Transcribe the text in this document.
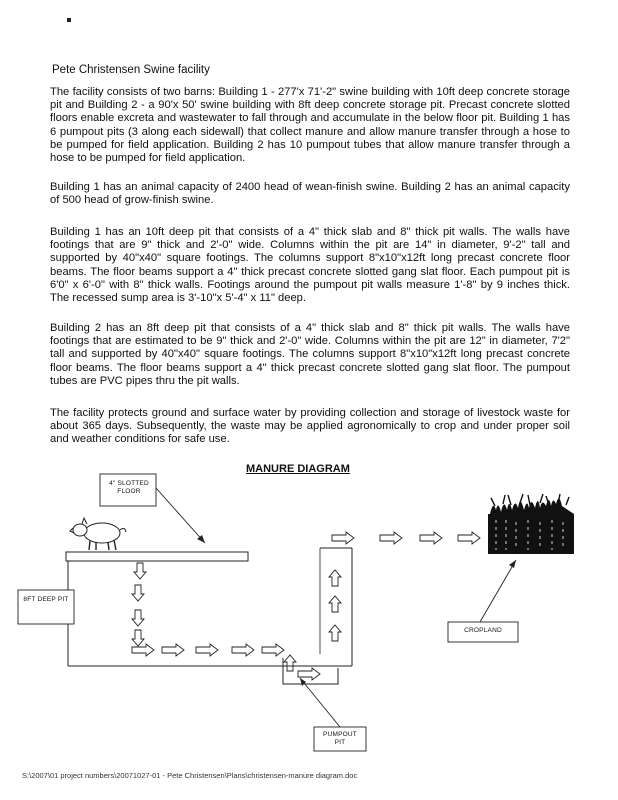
Pete Christensen Swine facility

The facility consists of two barns: Building 1 - 277'x 71'-2" swine building with 10ft deep concrete storage pit and Building 2 - a 90'x 50' swine building with 8ft deep concrete storage pit. Precast concrete slotted floors enable excreta and wastewater to fall through and accumulate in the below floor pit. Building 1 has 6 pumpout pits (3 along each sidewall) that collect manure and allow manure transfer through a hose to be pumped for field application. Building 2 has 10 pumpout tubes that allow manure transfer through a hose to be pumped for field application.

Building 1 has an animal capacity of 2400 head of wean-finish swine. Building 2 has an animal capacity of 500 head of grow-finish swine.

Building 1 has an 10ft deep pit that consists of a 4" thick slab and 8" thick pit walls. The walls have footings that are 9" thick and 2'-0" wide. Columns within the pit are 14" in diameter, 9'-2" tall and supported by 40"x40" square footings. The columns support 8"x10"x12ft long precast concrete floor beams. The floor beams support a 4" thick precast concrete slotted gang slat floor. Each pumpout pit is 6'0" x 6'-0" with 8" thick walls. Footings around the pumpout pit walls measure 1'-8" by 9 inches thick. The recessed sump area is 3'-10"x 5'-4" x 11" deep.

Building 2 has an 8ft deep pit that consists of a 4" thick slab and 8" thick pit walls. The walls have footings that are estimated to be 9" thick and 2'-0" wide. Columns within the pit are 12" in diameter, 7'2" tall and supported by 40"x40" square footings. The columns support 8"x10"x12ft long precast concrete floor beams. The floor beams support a 4" thick precast concrete slotted gang slat floor. The pumpout tubes are PVC pipes thru the pit walls.

The facility protects ground and surface water by providing collection and storage of livestock waste for about 365 days. Subsequently, the waste may be applied agronomically to crop and under proper soil and weather conditions for safe use.

MANURE DIAGRAM
4" SLOTTED FLOOR
8FT DEEP PIT
CROPLAND
PUMPOUT PIT
S:\2007\01 project numbers\20071027-01 - Pete Christensen\Plans\christensen-manure diagram.doc
